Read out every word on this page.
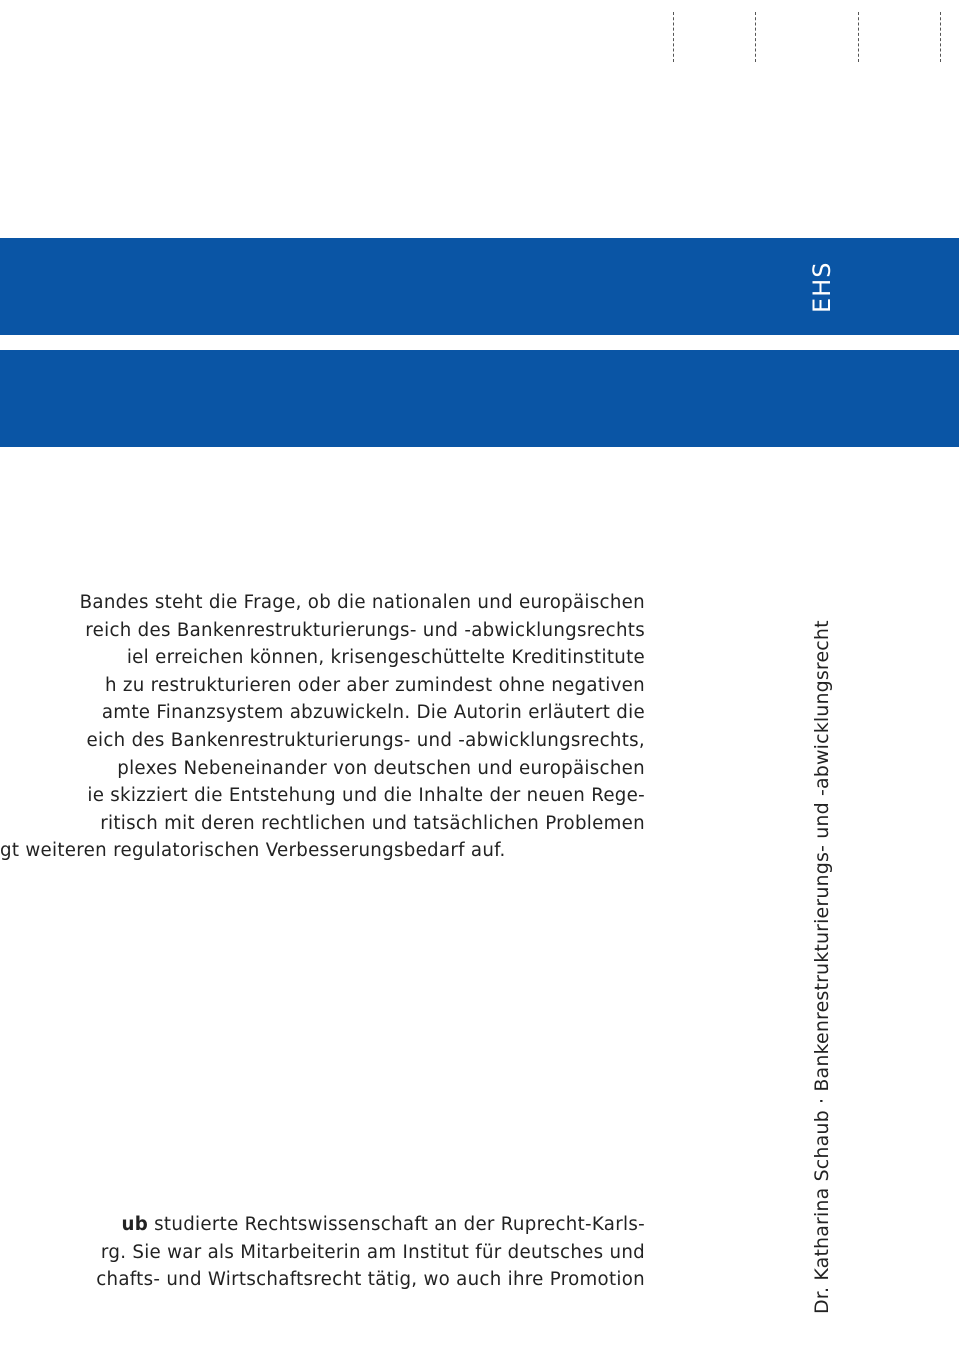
EHS
Dr. Katharina Schaub · Bankenrestrukturierungs- und -abwicklungsrecht
Bandes steht die Frage, ob die nationalen und europäischen
reich des Bankenrestrukturierungs- und -abwicklungsrechts
iel erreichen können, krisengeschüttelte Kreditinstitute
h zu restrukturieren oder aber zumindest ohne negativen
amte Finanzsystem abzuwickeln. Die Autorin erläutert die
eich des Bankenrestrukturierungs- und -abwicklungsrechts,
plexes Nebeneinander von deutschen und europäischen
ie skizziert die Entstehung und die Inhalte der neuen Rege-
ritisch mit deren rechtlichen und tatsächlichen Problemen
gt weiteren regulatorischen Verbesserungsbedarf auf.
ub studierte Rechtswissenschaft an der Ruprecht-Karls-
rg. Sie war als Mitarbeiterin am Institut für deutsches und
chafts- und Wirtschaftsrecht tätig, wo auch ihre Promotion
